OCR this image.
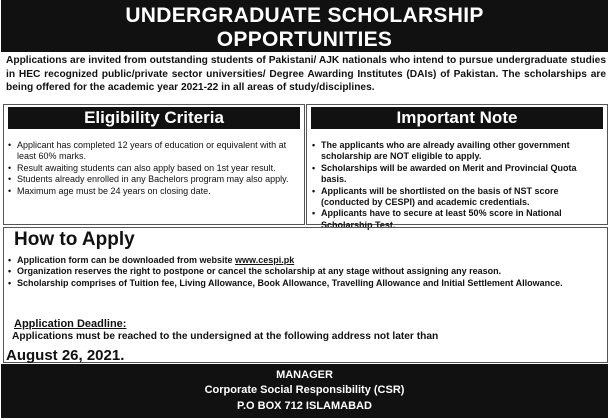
UNDERGRADUATE SCHOLARSHIP
OPPORTUNITIES
Applications are invited from outstanding students of Pakistani/ AJK nationals who intend to pursue undergraduate studies in HEC recognized public/private sector universities/ Degree Awarding Institutes (DAIs) of Pakistan. The scholarships are being offered for the academic year 2021-22 in all areas of study/disciplines.
Eligibility Criteria	Important Note
• Applicant has completed 12 years of education or equivalent with at least 60% marks.
• Result awaiting students can also apply based on 1st year result.
• Students already enrolled in any Bachelors program may also apply.
• Maximum age must be 24 years on closing date.
• The applicants who are already availing other government scholarship are NOT eligible to apply.
• Scholarships will be awarded on Merit and Provincial Quota basis.
• Applicants will be shortlisted on the basis of NST score (conducted by CESPI) and academic credentials.
• Applicants have to secure at least 50% score in National Scholarship Test.
How to Apply
• Application form can be downloaded from website www.cespi.pk
• Organization reserves the right to postpone or cancel the scholarship at any stage without assigning any reason.
• Scholarship comprises of Tuition fee, Living Allowance, Book Allowance, Travelling Allowance and Initial Settlement Allowance.
Application Deadline:
Applications must be reached to the undersigned at the following address not later than
August 26, 2021.
MANAGER
Corporate Social Responsibility (CSR)
P.O BOX 712 ISLAMABAD
